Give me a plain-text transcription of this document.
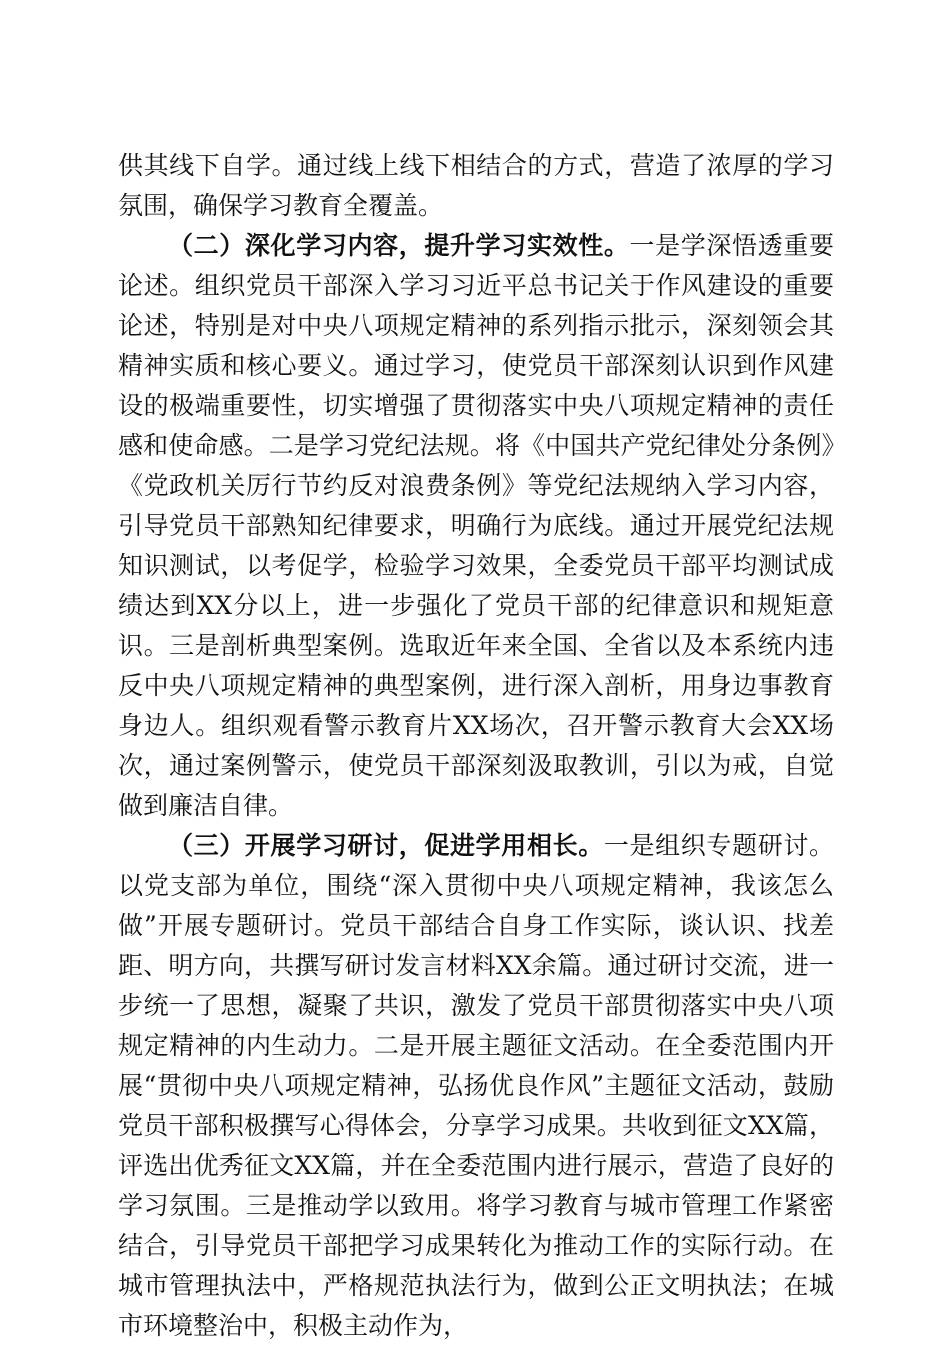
供其线下自学。通过线上线下相结合的方式，营造了浓厚的学习氛围，确保学习教育全覆盖。

（二）深化学习内容，提升学习实效性。一是学深悟透重要论述。组织党员干部深入学习习近平总书记关于作风建设的重要论述，特别是对中央八项规定精神的系列指示批示，深刻领会其精神实质和核心要义。通过学习，使党员干部深刻认识到作风建设的极端重要性，切实增强了贯彻落实中央八项规定精神的责任感和使命感。二是学习党纪法规。将《中国共产党纪律处分条例》《党政机关厉行节约反对浪费条例》等党纪法规纳入学习内容，引导党员干部熟知纪律要求，明确行为底线。通过开展党纪法规知识测试，以考促学，检验学习效果，全委党员干部平均测试成绩达到XX分以上，进一步强化了党员干部的纪律意识和规矩意识。三是剖析典型案例。选取近年来全国、全省以及本系统内违反中央八项规定精神的典型案例，进行深入剖析，用身边事教育身边人。组织观看警示教育片XX场次，召开警示教育大会XX场次，通过案例警示，使党员干部深刻汲取教训，引以为戒，自觉做到廉洁自律。

（三）开展学习研讨，促进学用相长。一是组织专题研讨。以党支部为单位，围绕“深入贯彻中央八项规定精神，我该怎么做”开展专题研讨。党员干部结合自身工作实际，谈认识、找差距、明方向，共撰写研讨发言材料XX余篇。通过研讨交流，进一步统一了思想，凝聚了共识，激发了党员干部贯彻落实中央八项规定精神的内生动力。二是开展主题征文活动。在全委范围内开展“贯彻中央八项规定精神，弘扬优良作风”主题征文活动，鼓励党员干部积极撰写心得体会，分享学习成果。共收到征文XX篇，评选出优秀征文XX篇，并在全委范围内进行展示，营造了良好的学习氛围。三是推动学以致用。将学习教育与城市管理工作紧密结合，引导党员干部把学习成果转化为推动工作的实际行动。在城市管理执法中，严格规范执法行为，做到公正文明执法；在城市环境整治中，积极主动作为，
